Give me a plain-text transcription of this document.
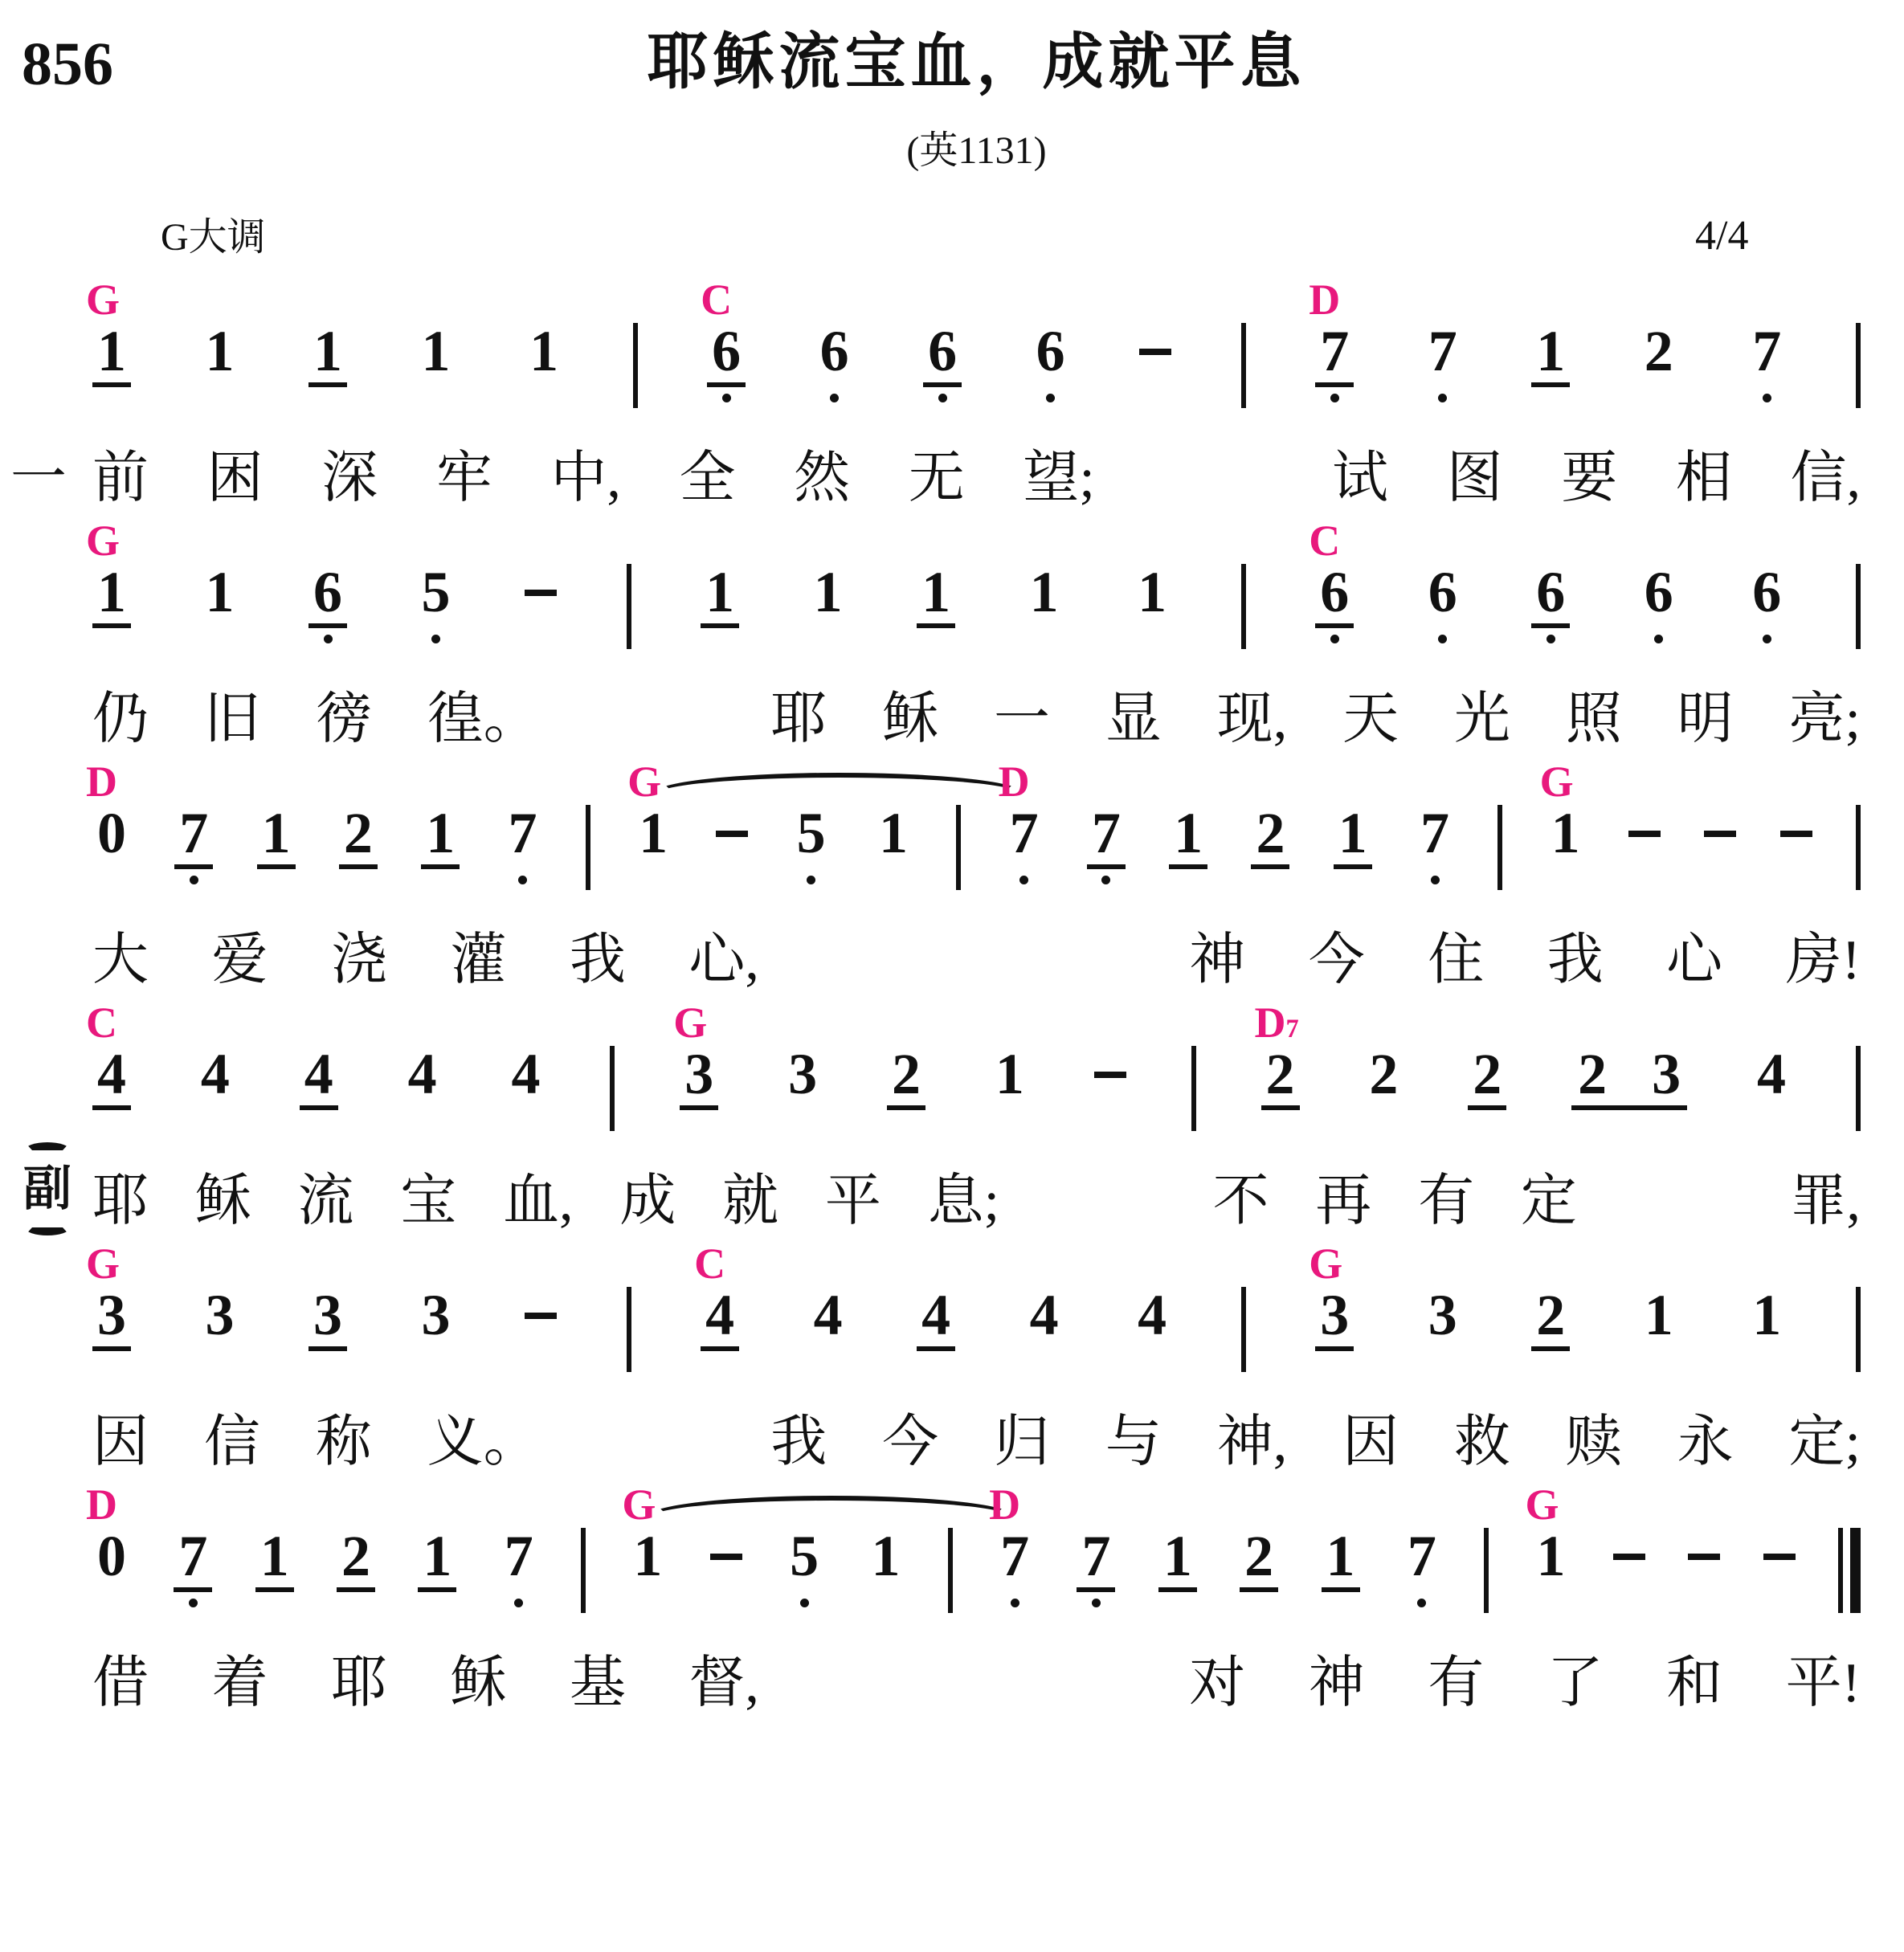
856	耶稣流宝血，成就平息
(英1131)
G大调	4/4
1
G
1 1 1 1	6
C
6 6 6	7
D
7 1 2 7
一 前 困 深 牢 中, 全 然 无 望;	试 图 要 相 信,
1
G
1 6 5	1 1 1 1 1	6
C
6 6 6 6
仍 旧 徬 徨。	耶 稣 一 显 现, 天 光 照 明 亮;
0
D
7 1 2 1 7 1
G
5 1 7
D
7 1 2 1 7 1
G
大 爱 浇 灌 我 心,	神 今 住 我 心 房!
4
C
4 4 4 4 3
G
3 2 1	2
D7
2 2 2 3 4
副 耶 稣 流 宝 血, 成 就 平 息;	不 再 有 定	罪,
3
G
3 3 3	4
C
4 4 4 4	3
G
3 2 1 1
因 信 称 义。	我 今 归 与 神, 因 救 赎 永 定;
0
D
7 1 2 1 7 1
G
5 1 7
D
7 1 2 1 7 1
G
借 着 耶 稣 基 督,	对 神 有 了 和 平!
